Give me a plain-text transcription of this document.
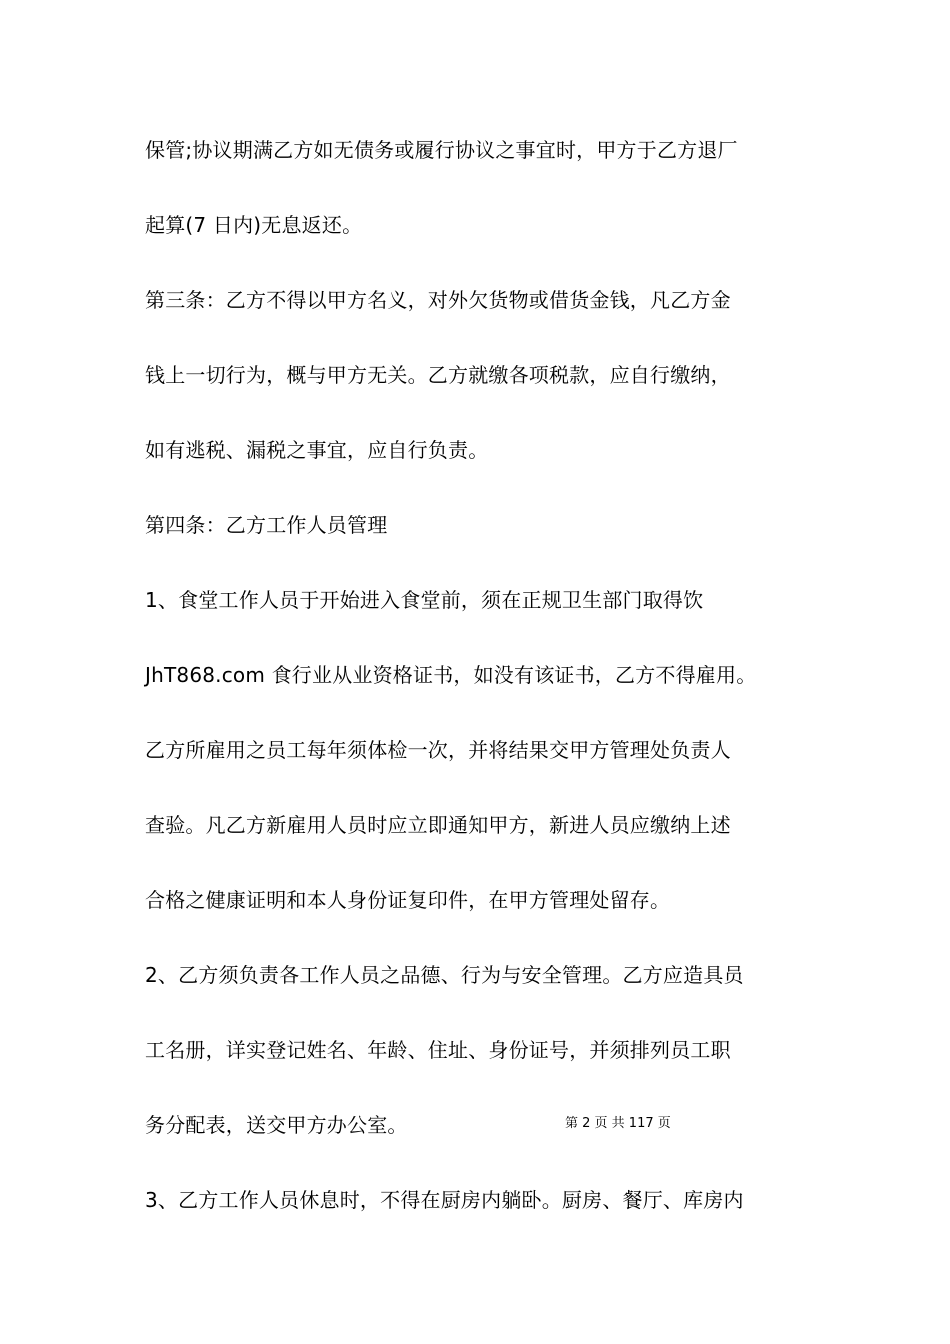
保管;协议期满乙方如无债务或履行协议之事宜时，甲方于乙方退厂
起算(7 日内)无息返还。
第三条：乙方不得以甲方名义，对外欠货物或借货金钱，凡乙方金
钱上一切行为，概与甲方无关。乙方就缴各项税款，应自行缴纳，
如有逃税、漏税之事宜，应自行负责。
第四条：乙方工作人员管理
1、食堂工作人员于开始进入食堂前，须在正规卫生部门取得饮
JhT868.com 食行业从业资格证书，如没有该证书，乙方不得雇用。
乙方所雇用之员工每年须体检一次，并将结果交甲方管理处负责人
查验。凡乙方新雇用人员时应立即通知甲方，新进人员应缴纳上述
合格之健康证明和本人身份证复印件，在甲方管理处留存。
2、乙方须负责各工作人员之品德、行为与安全管理。乙方应造具员
工名册，详实登记姓名、年龄、住址、身份证号，并须排列员工职
务分配表，送交甲方办公室。	第 2 页 共 117 页
3、乙方工作人员休息时，不得在厨房内躺卧。厨房、餐厅、库房内
